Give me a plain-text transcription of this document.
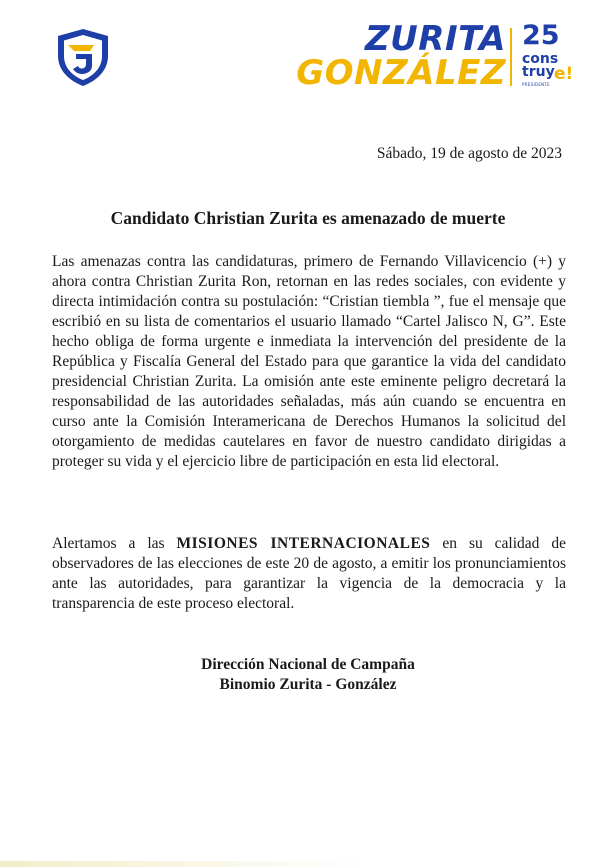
ZURITA
GONZÁLEZ
25
cons
truy e!
PRESIDENTE
Sábado, 19 de agosto de 2023
Candidato Christian Zurita es amenazado de muerte
Las amenazas contra las candidaturas, primero de Fernando Villavicencio (+) y ahora contra Christian Zurita Ron, retornan en las redes sociales, con evidente y directa intimidación contra su postulación: “Cristian tiembla ”, fue el mensaje que escribió en su lista de comentarios el usuario llamado “Cartel Jalisco N, G”. Este hecho obliga de forma urgente e inmediata la intervención del presidente de la República y Fiscalía General del Estado para que garantice la vida del candidato presidencial Christian Zurita. La omisión ante este eminente peligro decretará la responsabilidad de las autoridades señaladas, más aún cuando se encuentra en curso ante la Comisión Interamericana de Derechos Humanos la solicitud del otorgamiento de medidas cautelares en favor de nuestro candidato dirigidas a proteger su vida y el ejercicio libre de participación en esta lid electoral.
Alertamos a las MISIONES INTERNACIONALES en su calidad de observadores de las elecciones de este 20 de agosto, a emitir los pronunciamientos ante las autoridades, para garantizar la vigencia de la democracia y la transparencia de este proceso electoral.
Dirección Nacional de Campaña
Binomio Zurita - González
